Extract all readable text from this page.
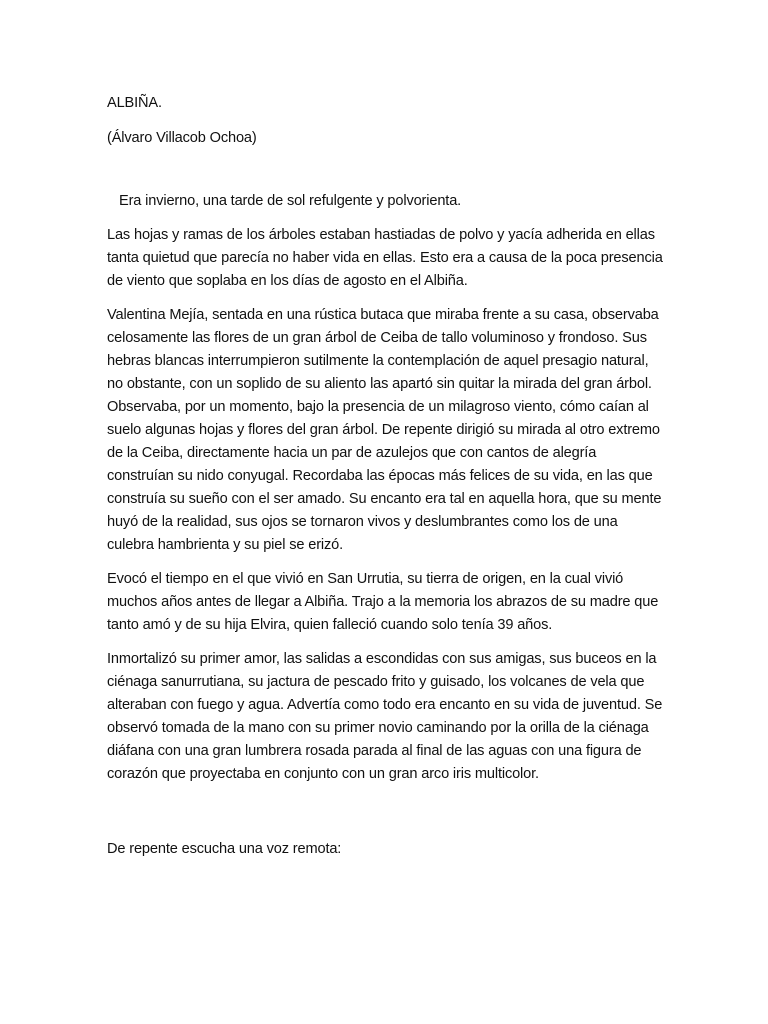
ALBIÑA.

(Álvaro Villacob Ochoa)

Era invierno, una tarde de sol refulgente y polvorienta.

Las hojas y ramas de los árboles estaban hastiadas de polvo y yacía adherida en ellas tanta quietud que parecía no haber vida en ellas. Esto era a causa de la poca presencia de viento que soplaba en los días de agosto en el Albiña.

Valentina Mejía, sentada en una rústica butaca que miraba frente a su casa, observaba celosamente las flores de un gran árbol de Ceiba de tallo voluminoso y frondoso. Sus hebras blancas interrumpieron sutilmente la contemplación de aquel presagio natural, no obstante, con un soplido de su aliento las apartó sin quitar la mirada del gran árbol. Observaba, por un momento, bajo la presencia de un milagroso viento, cómo caían al suelo algunas hojas y flores del gran árbol. De repente dirigió su mirada al otro extremo de la Ceiba, directamente hacia un par de azulejos que con cantos de alegría construían su nido conyugal. Recordaba las épocas más felices de su vida, en las que construía su sueño con el ser amado. Su encanto era tal en aquella hora, que su mente huyó de la realidad, sus ojos se tornaron vivos y deslumbrantes como los de una culebra hambrienta y su piel se erizó.

Evocó el tiempo en el que vivió en San Urrutia, su tierra de origen, en la cual vivió muchos años antes de llegar a Albiña. Trajo a la memoria los abrazos de su madre que tanto amó y de su hija Elvira, quien falleció cuando solo tenía 39 años.

Inmortalizó su primer amor, las salidas a escondidas con sus amigas, sus buceos en la ciénaga sanurrutiana, su jactura de pescado frito y guisado, los volcanes de vela que alteraban con fuego y agua. Advertía como todo era encanto en su vida de juventud. Se observó tomada de la mano con su primer novio caminando por la orilla de la ciénaga diáfana con una gran lumbrera rosada parada al final de las aguas con una figura de corazón que proyectaba en conjunto con un gran arco iris multicolor.

De repente escucha una voz remota:
